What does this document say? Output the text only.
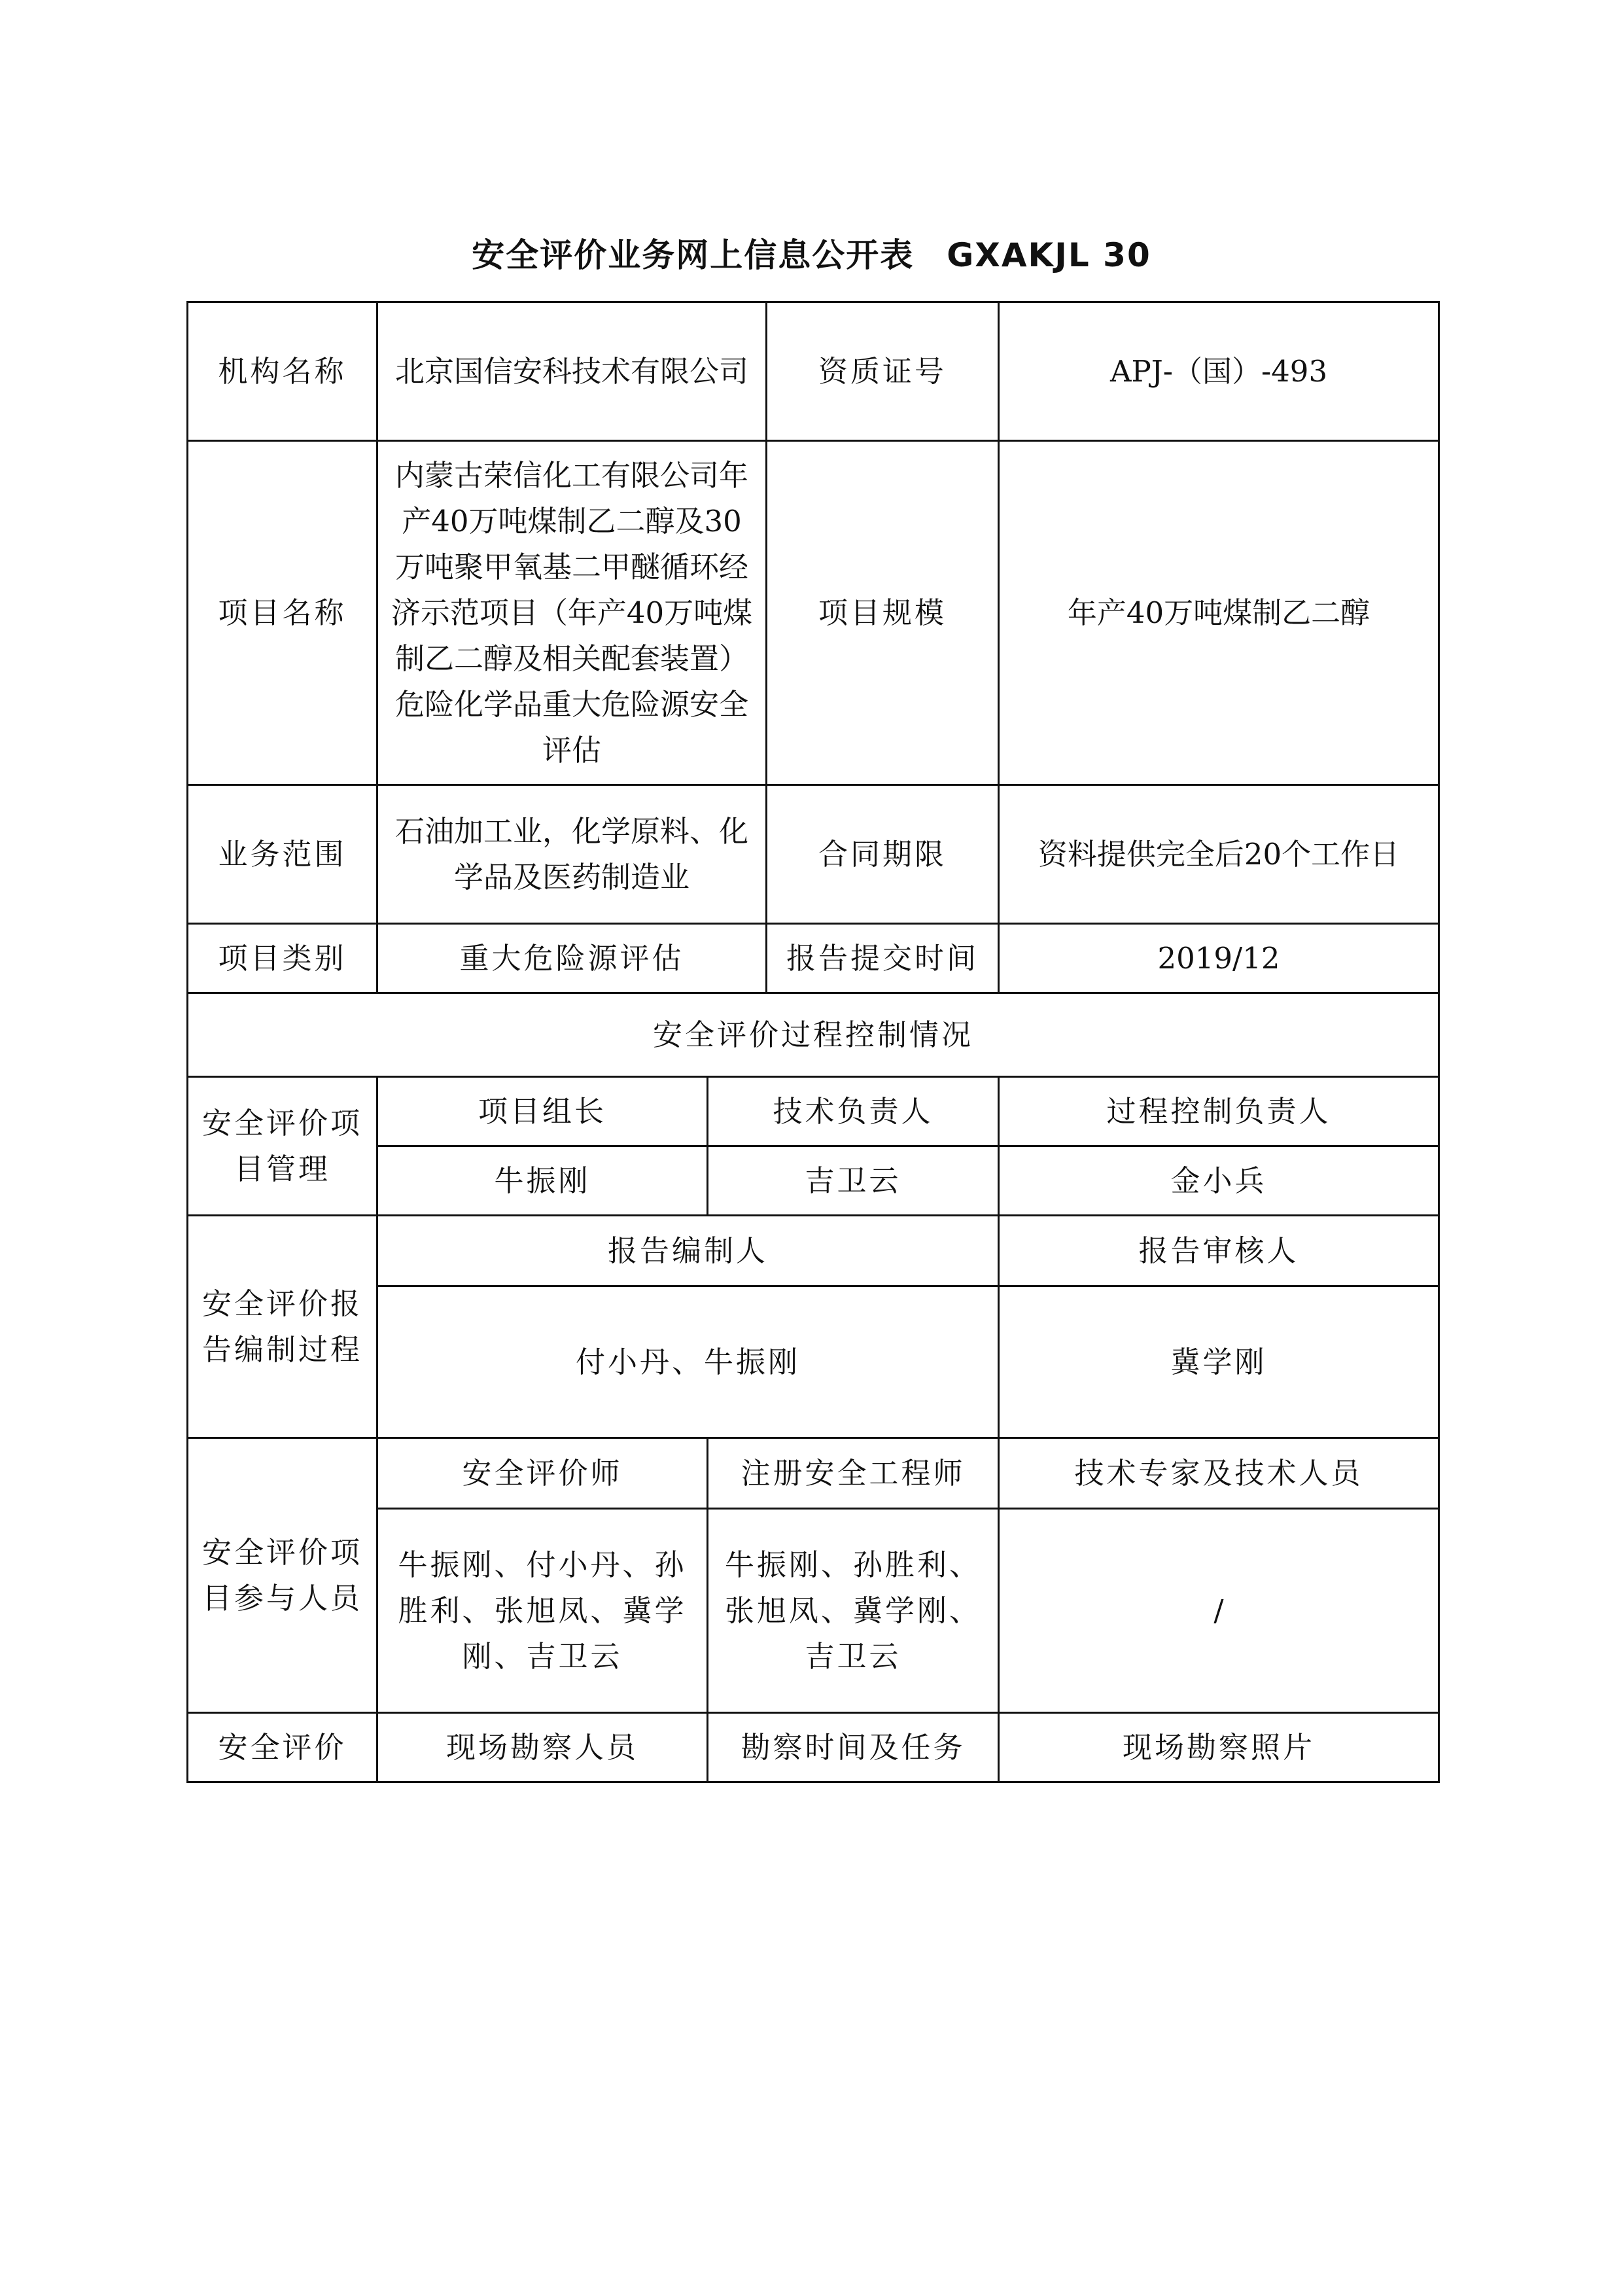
安全评价业务网上信息公开表 GXAKJL 30
机构名称	北京国信安科技术有限公司		资质证号	APJ-（国）-493
项目名称	内蒙古荣信化工有限公司年产40万吨煤制乙二醇及30万吨聚甲氧基二甲醚循环经济示范项目（年产40万吨煤制乙二醇及相关配套装置）危险化学品重大危险源安全评估		项目规模	年产40万吨煤制乙二醇
业务范围	石油加工业，化学原料、化学品及医药制造业		合同期限	资料提供完全后20个工作日
项目类别	重大危险源评估		报告提交时间	2019/12
安全评价过程控制情况				
安全评价项目管理	项目组长	技术负责人		过程控制负责人
	牛振刚	吉卫云		金小兵
安全评价报告编制过程	报告编制人			报告审核人
	付小丹、牛振刚			冀学刚
安全评价项目参与人员	安全评价师	注册安全工程师		技术专家及技术人员
	牛振刚、付小丹、孙胜利、张旭凤、冀学刚、吉卫云	牛振刚、孙胜利、张旭凤、冀学刚、吉卫云		/
安全评价	现场勘察人员	勘察时间及任务		现场勘察照片
